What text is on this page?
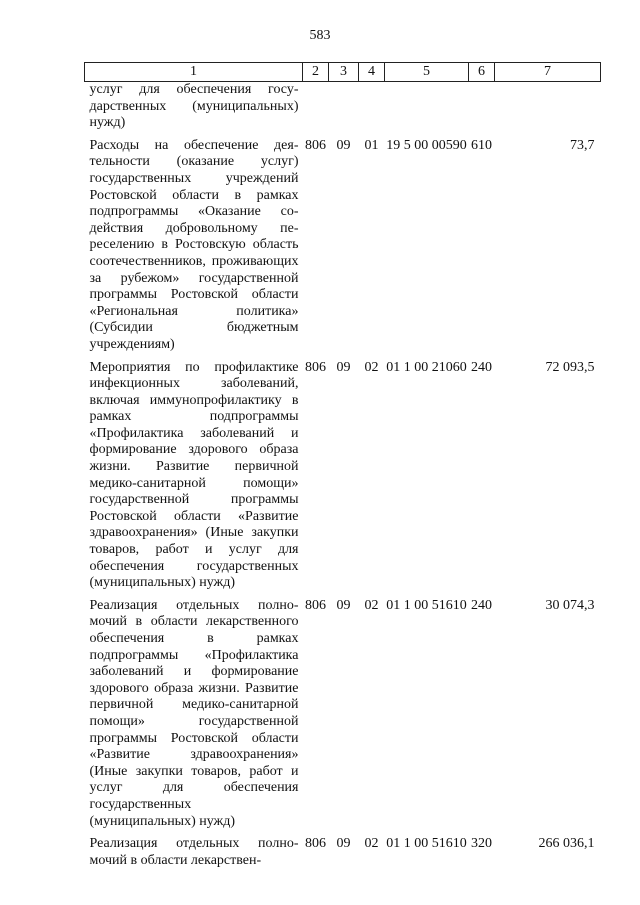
583
1	2	3	4	5	6	7
услуг для обеспечения государственных (муниципальных) нужд)						
Расходы на обеспечение деятельности (оказание услуг) государственных учреждений Ростовской области в рамках подпрограммы «Оказание содействия добровольному переселению в Ростовскую область соотечественников, проживающих за рубежом» государственной программы Ростовской области «Региональная политика» (Субсидии бюджетным учреждениям)	806	09	01	19 5 00 00590	610	73,7
Мероприятия по профилактике инфекционных заболеваний, включая иммунопрофилактику в рамках подпрограммы «Профилактика заболеваний и формирование здорового образа жизни. Развитие первичной медико-санитарной помощи» государственной программы Ростовской области «Развитие здравоохранения» (Иные закупки товаров, работ и услуг для обеспечения государственных (муниципальных) нужд)	806	09	02	01 1 00 21060	240	72 093,5
Реализация отдельных полномочий в области лекарственного обеспечения в рамках подпрограммы «Профилактика заболеваний и формирование здорового образа жизни. Развитие первичной медико-санитарной помощи» государственной программы Ростовской области «Развитие здравоохранения» (Иные закупки товаров, работ и услуг для обеспечения государственных (муниципальных) нужд)	806	09	02	01 1 00 51610	240	30 074,3
Реализация отдельных полномочий в области лекарствен-	806	09	02	01 1 00 51610	320	266 036,1
